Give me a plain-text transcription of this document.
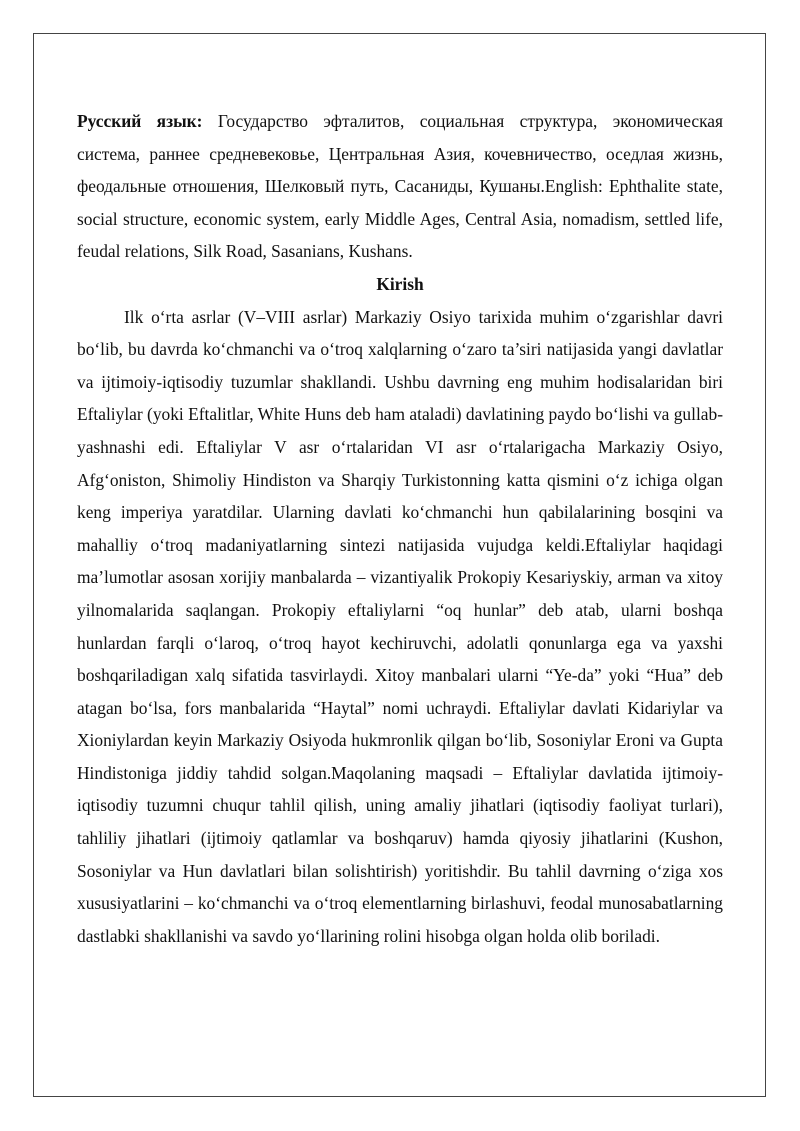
Русский язык: Государство эфталитов, социальная структура, экономическая система, раннее средневековье, Центральная Азия, кочевничество, оседлая жизнь, феодальные отношения, Шелковый путь, Сасаниды, Кушаны.English: Ephthalite state, social structure, economic system, early Middle Ages, Central Asia, nomadism, settled life, feudal relations, Silk Road, Sasanians, Kushans.

Kirish

Ilk o‘rta asrlar (V–VIII asrlar) Markaziy Osiyo tarixida muhim o‘zgarishlar davri bo‘lib, bu davrda ko‘chmanchi va o‘troq xalqlarning o‘zaro ta’siri natijasida yangi davlatlar va ijtimoiy-iqtisodiy tuzumlar shakllandi. Ushbu davrning eng muhim hodisalaridan biri Eftaliylar (yoki Eftalitlar, White Huns deb ham ataladi) davlatining paydo bo‘lishi va gullab-yashnashi edi. Eftaliylar V asr o‘rtalaridan VI asr o‘rtalarigacha Markaziy Osiyo, Afg‘oniston, Shimoliy Hindiston va Sharqiy Turkistonning katta qismini o‘z ichiga olgan keng imperiya yaratdilar. Ularning davlati ko‘chmanchi hun qabilalarining bosqini va mahalliy o‘troq madaniyatlarning sintezi natijasida vujudga keldi.Eftaliylar haqidagi ma’lumotlar asosan xorijiy manbalarda – vizantiyalik Prokopiy Kesariyskiy, arman va xitoy yilnomalarida saqlangan. Prokopiy eftaliylarni “oq hunlar” deb atab, ularni boshqa hunlardan farqli o‘laroq, o‘troq hayot kechiruvchi, adolatli qonunlarga ega va yaxshi boshqariladigan xalq sifatida tasvirlaydi. Xitoy manbalari ularni “Ye-da” yoki “Hua” deb atagan bo‘lsa, fors manbalarida “Haytal” nomi uchraydi. Eftaliylar davlati Kidariylar va Xioniylardan keyin Markaziy Osiyoda hukmronlik qilgan bo‘lib, Sosoniylar Eroni va Gupta Hindistoniga jiddiy tahdid solgan.Maqolaning maqsadi – Eftaliylar davlatida ijtimoiy-iqtisodiy tuzumni chuqur tahlil qilish, uning amaliy jihatlari (iqtisodiy faoliyat turlari), tahliliy jihatlari (ijtimoiy qatlamlar va boshqaruv) hamda qiyosiy jihatlarini (Kushon, Sosoniylar va Hun davlatlari bilan solishtirish) yoritishdir. Bu tahlil davrning o‘ziga xos xususiyatlarini – ko‘chmanchi va o‘troq elementlarning birlashuvi, feodal munosabatlarning dastlabki shakllanishi va savdo yo‘llarining rolini hisobga olgan holda olib boriladi.
